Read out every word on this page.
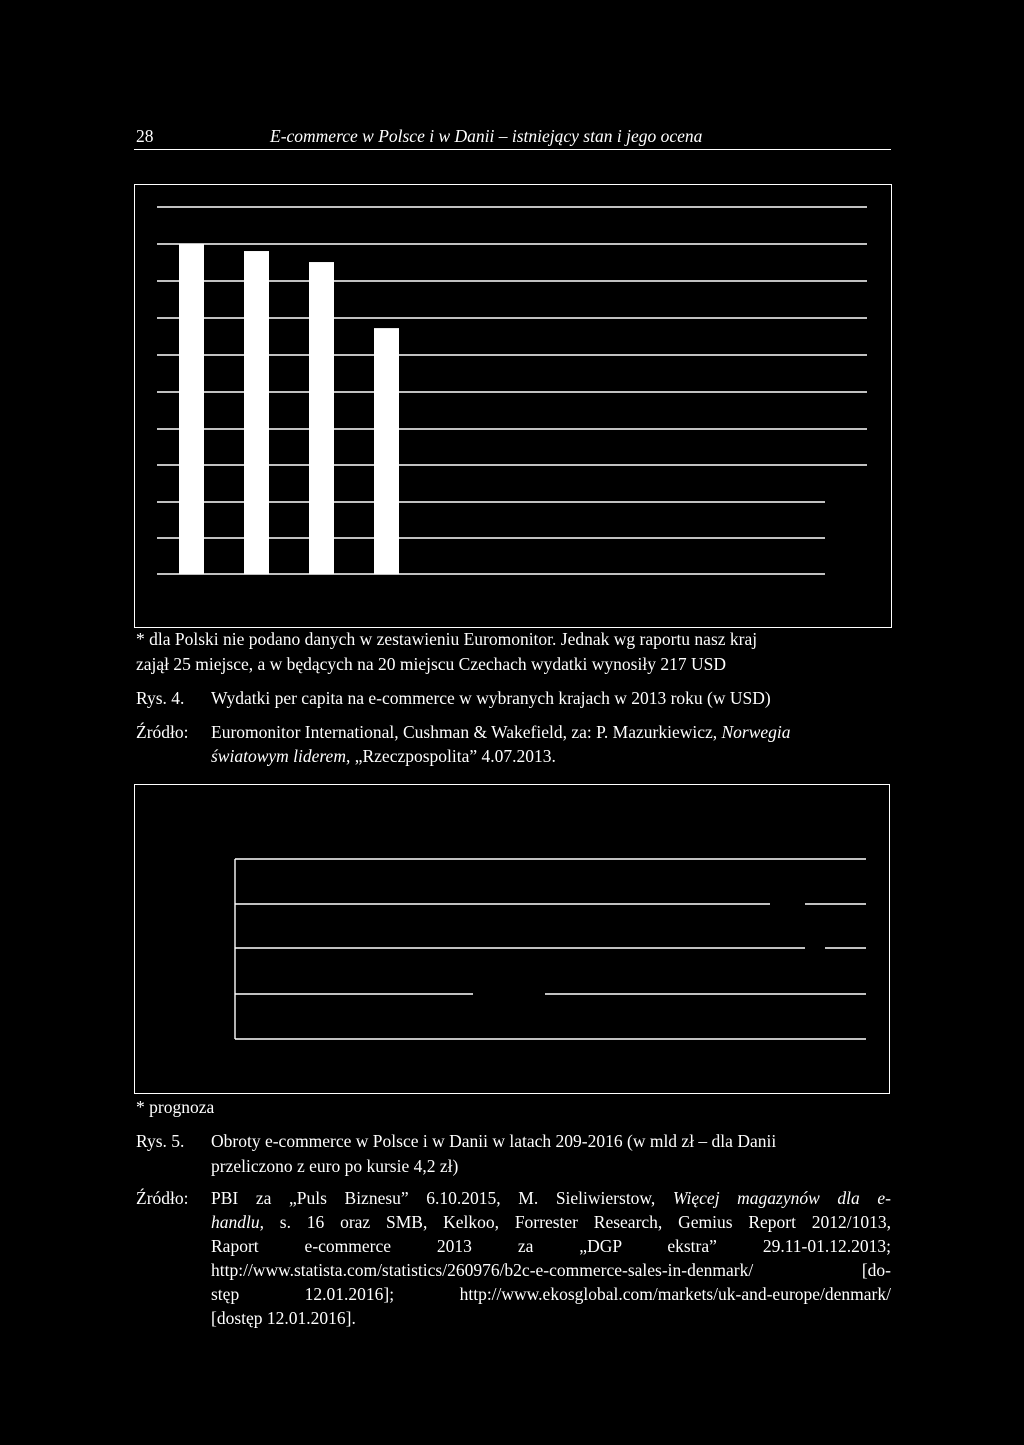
28	E-commerce w Polsce i w Danii – istniejący stan i jego ocena
* dla Polski nie podano danych w zestawieniu Euromonitor. Jednak wg raportu nasz kraj
zajął 25 miejsce, a w będących na 20 miejscu Czechach wydatki wynosiły 217 USD
Rys. 4. Wydatki per capita na e-commerce w wybranych krajach w 2013 roku (w USD)
Źródło: Euromonitor International, Cushman & Wakefield, za: P. Mazurkiewicz, Norwegia
światowym liderem, „Rzeczpospolita” 4.07.2013.
* prognoza
Rys. 5. Obroty e-commerce w Polsce i w Danii w latach 209-2016 (w mld zł – dla Danii
przeliczono z euro po kursie 4,2 zł)
Źródło: PBI za „Puls Biznesu” 6.10.2015, M. Sieliwierstow, Więcej magazynów dla e-
handlu, s. 16 oraz SMB, Kelkoo, Forrester Research, Gemius Report 2012/1013,
Raport e-commerce 2013 za „DGP ekstra” 29.11-01.12.2013;
http://www.statista.com/statistics/260976/b2c-e-commerce-sales-in-denmark/ [do-
stęp 12.01.2016]; http://www.ekosglobal.com/markets/uk-and-europe/denmark/
[dostęp 12.01.2016].
